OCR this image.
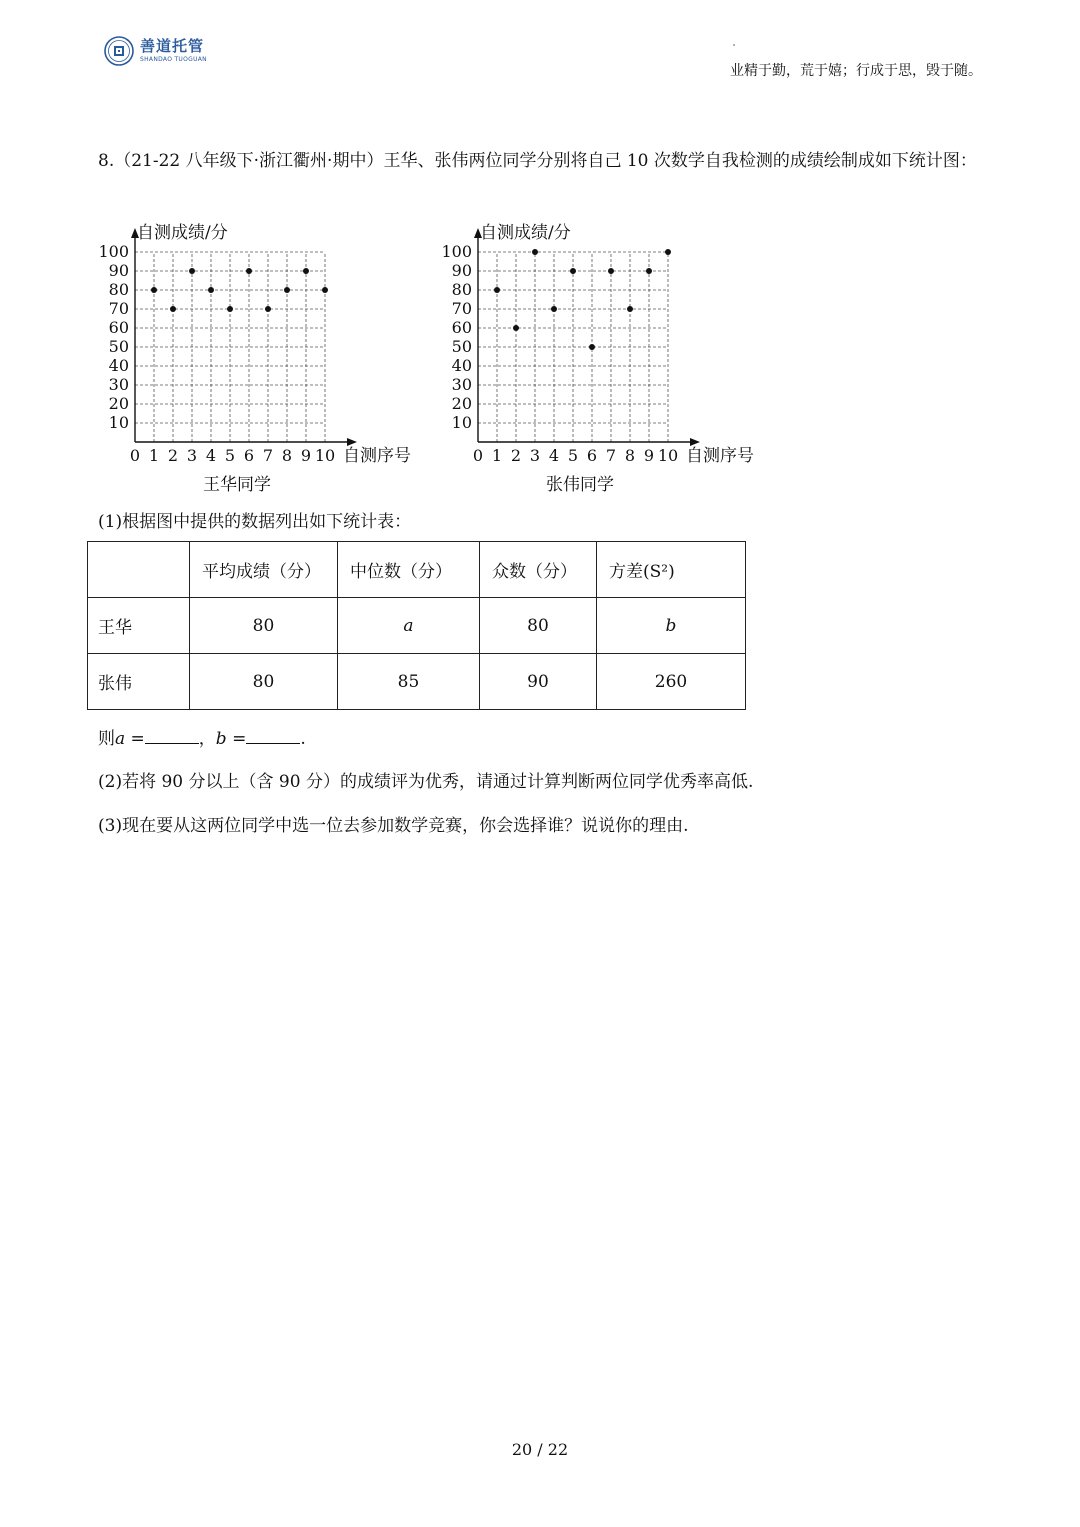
善道托管
SHANDAO TUOGUAN
业精于勤，荒于嬉；行成于思，毁于随。
8.（21-22 八年级下·浙江衢州·期中）王华、张伟两位同学分别将自己 10 次数学自我检测的成绩绘制成如下统计图：
0 1 2 3 4 5 6 7 8 9 10
10
20
30
40
50
60
70
80
90
100
自测成绩/分
自测序号
王华同学
0 1 2 3 4 5 6 7 8 9 10
10
20
30
40
50
60
70
80
90
100
自测成绩/分
自测序号
张伟同学
(1)根据图中提供的数据列出如下统计表：
	平均成绩（分）	中位数（分）	众数（分）	方差(S²)
王华	80	a	80	b
张伟	80	85	90	260
则a =	，b =	.
(2)若将 90 分以上（含 90 分）的成绩评为优秀，请通过计算判断两位同学优秀率高低.
(3)现在要从这两位同学中选一位去参加数学竞赛，你会选择谁？说说你的理由.
20 / 22
